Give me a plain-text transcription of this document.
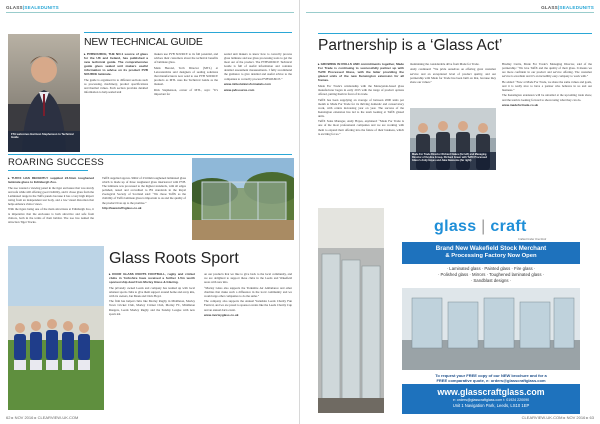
GLASS|SEALEDUNITS
FTA welcomes Harrison Stephenson to Technical Guide
NEW TECHNICAL GUIDE

▸ PVBSOURCE, THE NO.1 source of glass for the UK and Ireland, has published a new technical guide. The comprehensive guide gives sealed unit makers useful information to advise on its product PVB SOURCE laminate.

The guide is organised in to different sections such as processing, machinery, product specifications and thermal values. Each section provides detailed information to help sealed unit

makers use PVB SOURCE to its full potential, and advises their customers about the technical benefits of laminate glass.

Mark Herond, Tech Director (MTL) at Leicestershire said designers of sealing solutions that manufacturers now send to use PVB SOURCE products as MTL uses the Technical Guide as the manual.

Rick Stephenson, owner of MTL, says: “It’s important for

sealed unit makers to know how to correctly process glass laminate and use glass processing tools to get the most out of the product. The PVBSOURCE Technical Guide is full of useful information and contains detailed assessment measurements. I fully recommend the guidance to give detailed and useful advice to the companies to correctly process PVBSOURCE.”

www.mtlsolutionsformetals.com

www.pvbsource.com

ROARING SUCCESS

▸ TUFFX HAS RECENTLY supplied 23.6mm toughened laminate glass to Edinburgh Zoo.

The zoo wanted a viewing panel in the tiger enclosure that was sturdy and safe while still offering good visibility, and it chose glass from the Laminated range in the Tuffx panels because it has a very high impact rating from an independent test body, and a low visual distortion that helps enhance visitor views.

With the tigers being one of the main attractions at Edinburgh Zoo, it is imperative that the enclosure is both attractive and safe from visitors, both in the terms of their habitat. The zoo has named the attraction Tiger Tracks.

TuffX supplied approx. 90m2 of 23.6mm toughened laminated glass which is made up of three toughened glass interleaved with PVB. The laminate was processed to the highest standards, with all edges polished, tested and accredited to BS standards in the Royal Zoological Society of Scotland said: “We chose TuffX as the visibility of Tuffx laminate glass is important to us and the quality of the product lives up to the promise.”

http://www.tuffxglass.co.uk

Glass Roots Sport

▸ DOUR GLASS ROOTS FOOTBALL, rugby and cricket clubs in Yorkshire have received a further 1.5m worth sponsorship deal from Morley Glass & Glazing.

The privately owned Leeds and company has teamed up with local amateur sports clubs to give them support around home and away kits, with its owners, Ian Meek and Chris Boyd.

The firm has helped clubs like Morley Rugby in Middleton, Morley Town Cricket Club, Morley Cricket Club, Morley FC, Middleton Rangers, Leeds Morley Rugby and the Sunday League with new sports kit.

on our products that we like to give back to the local community, and we are delighted to support these clubs in the Leeds and Wakefield areas with new kits.

“Morley Glass also supports the Yorkshire Air Ambulance and other charities that make such a difference in the local community and we would urge other companies to do the same.”

The company also supports the Annual Yorkshire Leeds Charity Fun Festival, and we are proud to sponsor events like the Leeds Charity Cup and an annual darts event.

www.morleyglass.co.uk

62 ▸ NOV 2016 ▸ CLEARVIEW-UK.COM
GLASS|SEALEDUNITS
CLEARVIEW-UK.COM ▸ NOV 2016 ▸ 63
Partnership is a ‘Glass Act’

▸ GROWING IN ROLLS AND commitments together, Made For Trade is continuing to successfully partner up with TuffX Processed Glass, with the latter providing the glazed units of the new Kensington extension for all frames.

Made For Trade’s relationship with the Merseyside-based glass manufacturer began in early 2015 with the range of product options offered, putting them in front of its trade.

TuffX has been supplying an average of between 2000 units per month to Made For Trade for its thriving domestic and conservatory work, with orders increasing year on year. The success of the Kensington extension has led to the team looking at TuffX glazed units.

TuffX Sales Manager, Andy Hayes, explained: “Made For Trade is one of the most professional companies and we are working with them to expand their offering into the future of their business, which is exciting for us.”

maintaining the considerable drive from Made for Trade.

Andy continued: “We pride ourselves on offering great customer service and an exceptional level of product quality, and our partnership with Made for Trade has been built on that, because they share our values.”

Made For Trade Director Richard Oakes (far left) and Managing Director of Keyline Group, Richard Green with TuffX Processed Glass’s Andy Hayes and Jake Newsome (far right)

Bradley Curtis, Made For Trade’s Managing Director, said of the partnership: “We love TuffX and the quality of their glass. It means we are more confident in our product and service offering. The customer service is excellent and it’s an incredibly easy company to work with.”

He added: “Now at Made For Trade, we share the same values and goals, and it is really nice to have a partner who believes in us and our business.”

The Kensington extension will be unveiled at the upcoming trade show, and the team is looking forward to showcasing what they can do.

www.madefortrade.co.uk

glass | craft
Crafted Under One Roof
Brand New Wakefield Stock Merchant
& Processing Factory Now Open
· Laminated glass · Painted glass · Fire glass ·
· Polished glass · Mirrors · Toughened laminated glass ·
· Sandblast designs ·
To request your FREE copy of our NEW brochure and for a
FREE comparative quote, e: orders@glasscraftglass.com
www.glasscraftglass.com
e: orders@glasscraftglass.com t: 01924 220090
Unit 1 Navigation Park, Leeds, LS10 1EP
